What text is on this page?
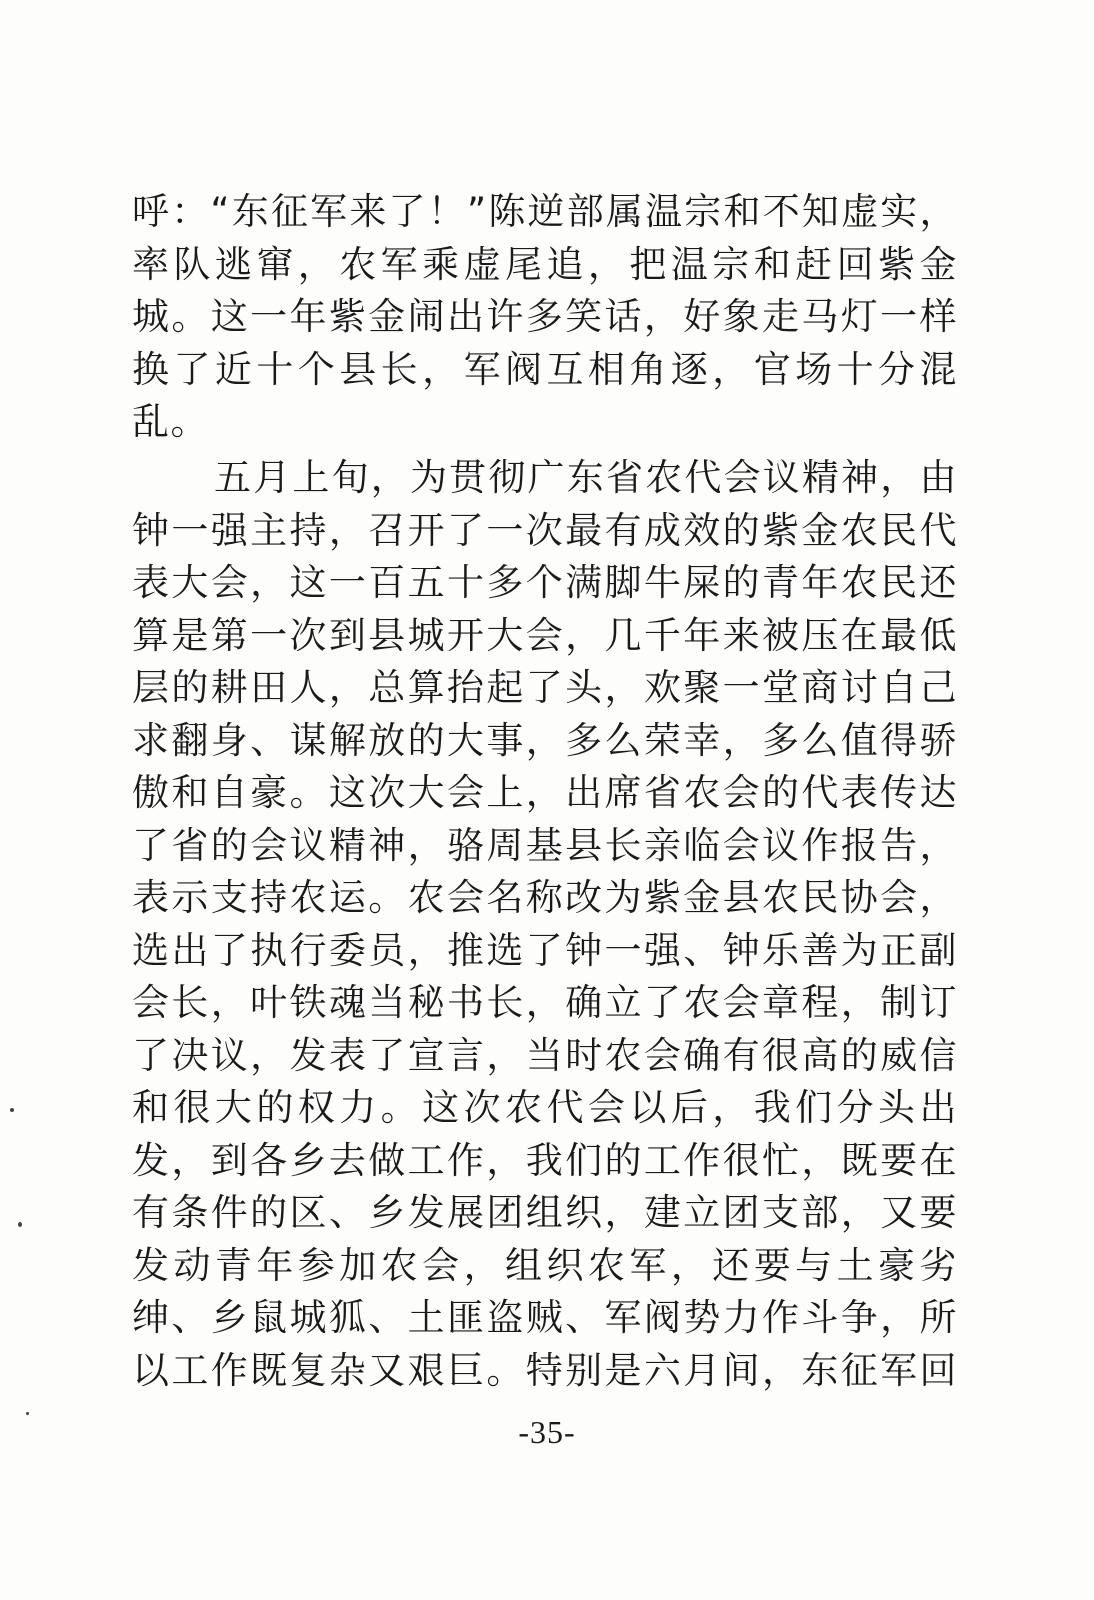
呼：“东征军来了！”陈逆部属温宗和不知虚实，
率队逃窜，农军乘虚尾追，把温宗和赶回紫金
城。这一年紫金闹出许多笑话，好象走马灯一样
换了近十个县长，军阀互相角逐，官场十分混
乱。
五月上旬，为贯彻广东省农代会议精神，由
钟一强主持，召开了一次最有成效的紫金农民代
表大会，这一百五十多个满脚牛屎的青年农民还
算是第一次到县城开大会，几千年来被压在最低
层的耕田人，总算抬起了头，欢聚一堂商讨自己
求翻身、谋解放的大事，多么荣幸，多么值得骄
傲和自豪。这次大会上，出席省农会的代表传达
了省的会议精神，骆周基县长亲临会议作报告，
表示支持农运。农会名称改为紫金县农民协会，
选出了执行委员，推选了钟一强、钟乐善为正副
会长，叶铁魂当秘书长，确立了农会章程，制订
了决议，发表了宣言，当时农会确有很高的威信
和很大的权力。这次农代会以后，我们分头出
发，到各乡去做工作，我们的工作很忙，既要在
有条件的区、乡发展团组织，建立团支部，又要
发动青年参加农会，组织农军，还要与土豪劣
绅、乡鼠城狐、土匪盗贼、军阀势力作斗争，所
以工作既复杂又艰巨。特别是六月间，东征军回
-35-
